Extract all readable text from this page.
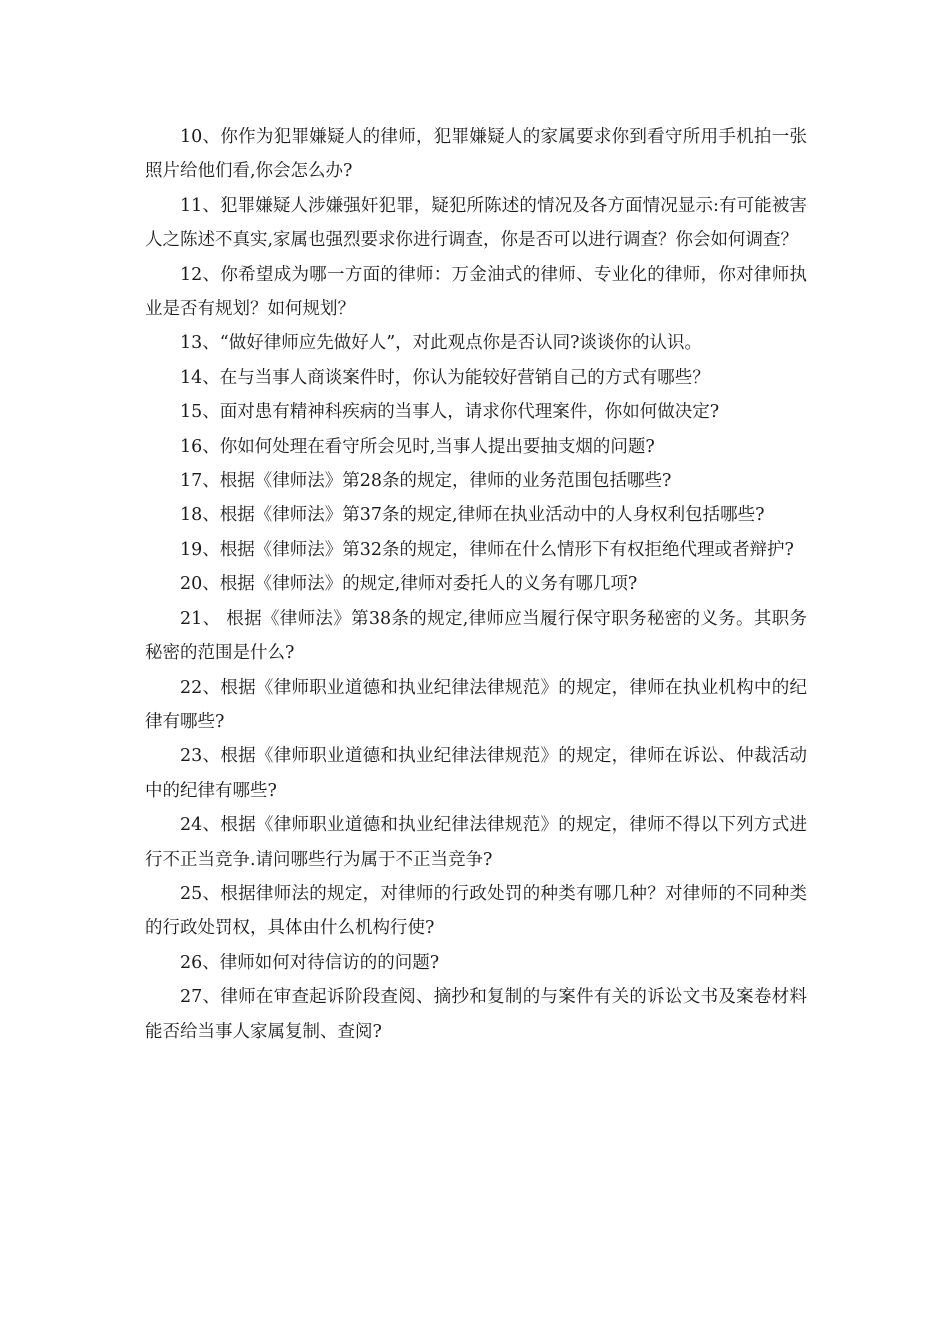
10、你作为犯罪嫌疑人的律师，犯罪嫌疑人的家属要求你到看守所用手机拍一张照片给他们看,你会怎么办?

11、犯罪嫌疑人涉嫌强奸犯罪，疑犯所陈述的情况及各方面情况显示:有可能被害人之陈述不真实,家属也强烈要求你进行调查，你是否可以进行调查？你会如何调查？

12、你希望成为哪一方面的律师：万金油式的律师、专业化的律师，你对律师执业是否有规划？如何规划？

13、“做好律师应先做好人”，对此观点你是否认同?谈谈你的认识。

14、在与当事人商谈案件时，你认为能较好营销自己的方式有哪些？

15、面对患有精神科疾病的当事人，请求你代理案件，你如何做决定?

16、你如何处理在看守所会见时,当事人提出要抽支烟的问题?

17、根据《律师法》第28条的规定，律师的业务范围包括哪些?

18、根据《律师法》第37条的规定,律师在执业活动中的人身权利包括哪些?

19、根据《律师法》第32条的规定，律师在什么情形下有权拒绝代理或者辩护?

20、根据《律师法》的规定,律师对委托人的义务有哪几项?

21、 根据《律师法》第38条的规定,律师应当履行保守职务秘密的义务。其职务秘密的范围是什么?

22、根据《律师职业道德和执业纪律法律规范》的规定，律师在执业机构中的纪律有哪些?

23、根据《律师职业道德和执业纪律法律规范》的规定，律师在诉讼、仲裁活动中的纪律有哪些?

24、根据《律师职业道德和执业纪律法律规范》的规定，律师不得以下列方式进行不正当竞争.请问哪些行为属于不正当竞争?

25、根据律师法的规定，对律师的行政处罚的种类有哪几种？对律师的不同种类的行政处罚权，具体由什么机构行使?

26、律师如何对待信访的的问题?

27、律师在审查起诉阶段查阅、摘抄和复制的与案件有关的诉讼文书及案卷材料能否给当事人家属复制、查阅?
